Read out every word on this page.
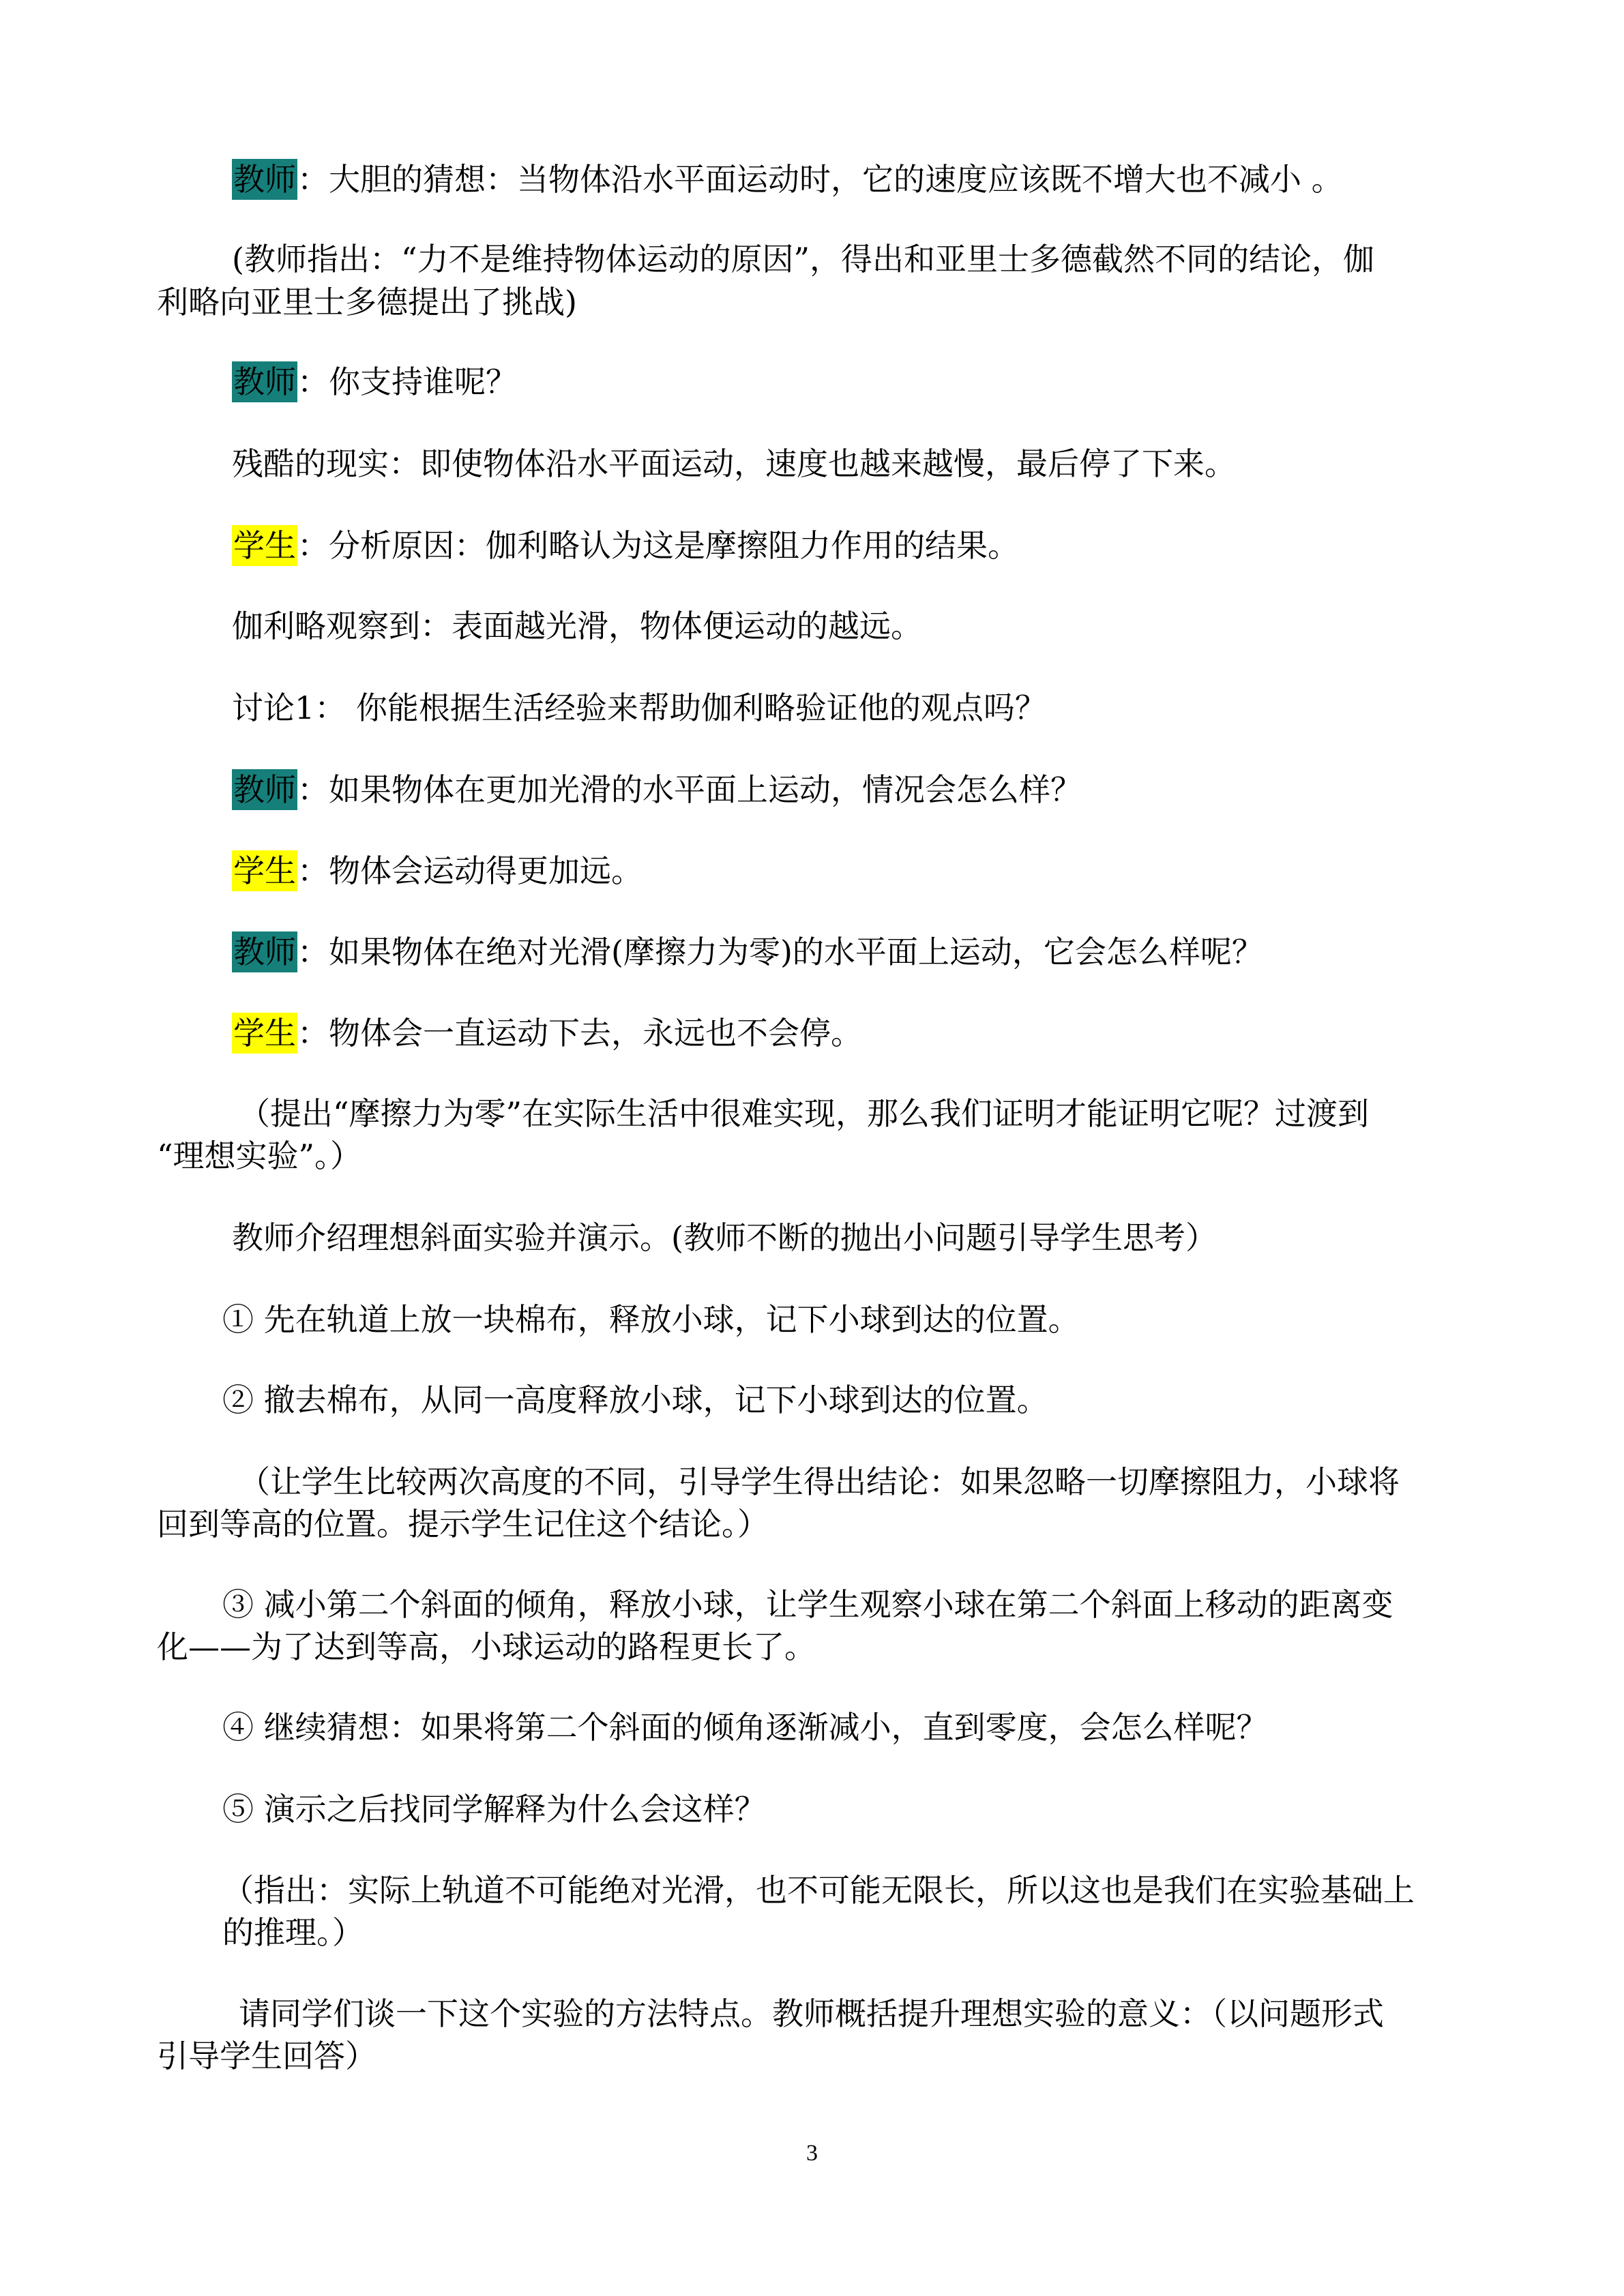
教师：大胆的猜想：当物体沿水平面运动时，它的速度应该既不增大也不减小 。
(教师指出：“力不是维持物体运动的原因”，得出和亚里士多德截然不同的结论，伽
利略向亚里士多德提出了挑战)
教师：你支持谁呢？
残酷的现实：即使物体沿水平面运动，速度也越来越慢，最后停了下来。
学生：分析原因：伽利略认为这是摩擦阻力作用的结果。
伽利略观察到：表面越光滑，物体便运动的越远。
讨论1： 你能根据生活经验来帮助伽利略验证他的观点吗？
教师：如果物体在更加光滑的水平面上运动，情况会怎么样？
学生：物体会运动得更加远。
教师：如果物体在绝对光滑(摩擦力为零)的水平面上运动，它会怎么样呢？
学生：物体会一直运动下去，永远也不会停。
（提出“摩擦力为零”在实际生活中很难实现，那么我们证明才能证明它呢？过渡到
“理想实验”。）
教师介绍理想斜面实验并演示。(教师不断的抛出小问题引导学生思考）
① 先在轨道上放一块棉布，释放小球，记下小球到达的位置。
② 撤去棉布，从同一高度释放小球，记下小球到达的位置。
（让学生比较两次高度的不同，引导学生得出结论：如果忽略一切摩擦阻力，小球将
回到等高的位置。提示学生记住这个结论。）
③ 减小第二个斜面的倾角，释放小球，让学生观察小球在第二个斜面上移动的距离变
化——为了达到等高，小球运动的路程更长了。
④ 继续猜想：如果将第二个斜面的倾角逐渐减小，直到零度，会怎么样呢？
⑤ 演示之后找同学解释为什么会这样？
（指出：实际上轨道不可能绝对光滑，也不可能无限长，所以这也是我们在实验基础上
的推理。）
请同学们谈一下这个实验的方法特点。教师概括提升理想实验的意义：（以问题形式
引导学生回答）
3
